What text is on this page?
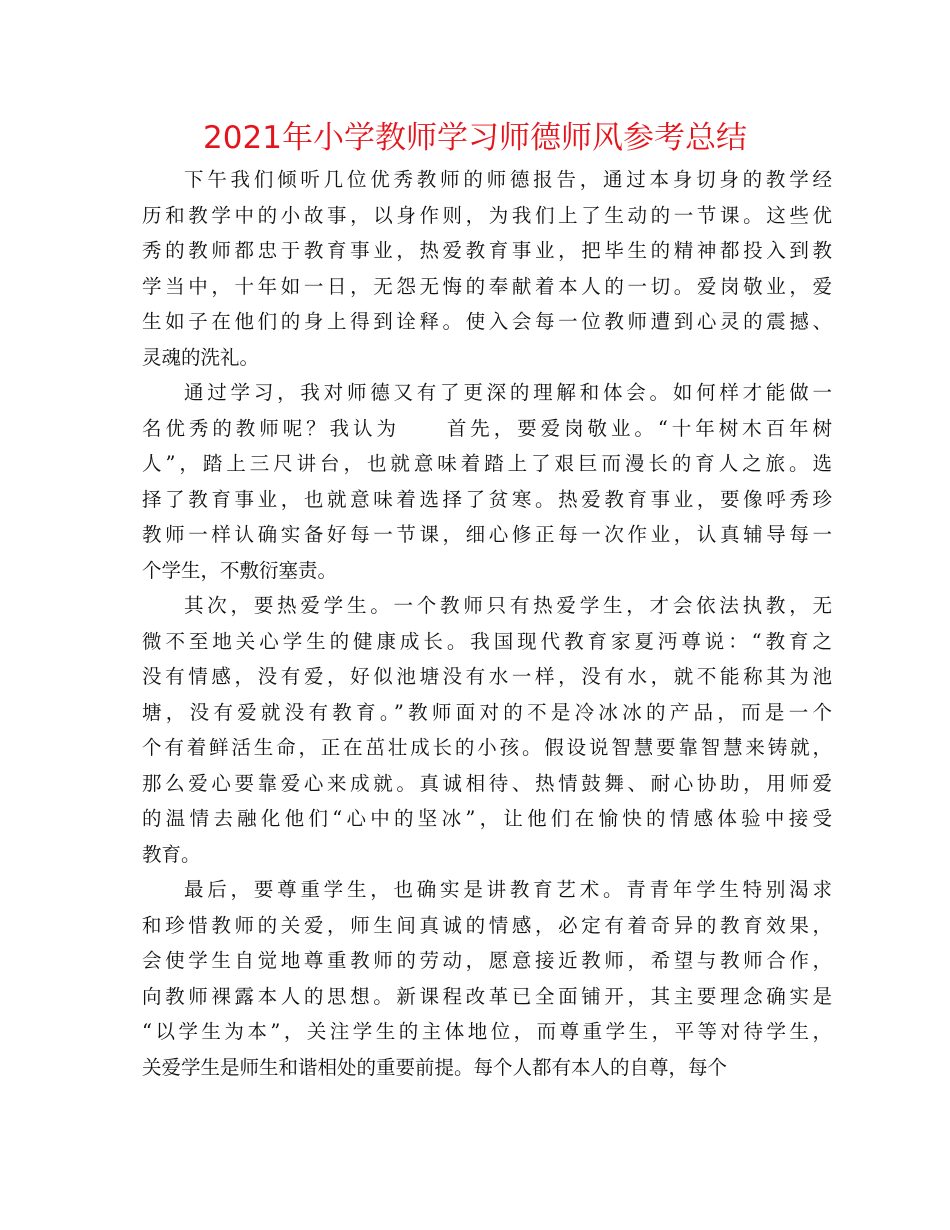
2021年小学教师学习师德师风参考总结
下午我们倾听几位优秀教师的师德报告，通过本身切身的教学经
历和教学中的小故事，以身作则，为我们上了生动的一节课。这些优
秀的教师都忠于教育事业，热爱教育事业，把毕生的精神都投入到教
学当中，十年如一日，无怨无悔的奉献着本人的一切。爱岗敬业，爱
生如子在他们的身上得到诠释。使入会每一位教师遭到心灵的震撼、
灵魂的洗礼。
通过学习，我对师德又有了更深的理解和体会。如何样才能做一
名优秀的教师呢？我认为　　首先，要爱岗敬业。“十年树木百年树
人”，踏上三尺讲台，也就意味着踏上了艰巨而漫长的育人之旅。选
择了教育事业，也就意味着选择了贫寒。热爱教育事业，要像呼秀珍
教师一样认确实备好每一节课，细心修正每一次作业，认真辅导每一
个学生，不敷衍塞责。
其次，要热爱学生。一个教师只有热爱学生，才会依法执教，无
微不至地关心学生的健康成长。我国现代教育家夏沔尊说：“教育之
没有情感，没有爱，好似池塘没有水一样，没有水，就不能称其为池
塘，没有爱就没有教育。”教师面对的不是冷冰冰的产品，而是一个
个有着鲜活生命，正在茁壮成长的小孩。假设说智慧要靠智慧来铸就，
那么爱心要靠爱心来成就。真诚相待、热情鼓舞、耐心协助，用师爱
的温情去融化他们“心中的坚冰”，让他们在愉快的情感体验中接受
教育。
最后，要尊重学生，也确实是讲教育艺术。青青年学生特别渴求
和珍惜教师的关爱，师生间真诚的情感，必定有着奇异的教育效果，
会使学生自觉地尊重教师的劳动，愿意接近教师，希望与教师合作，
向教师裸露本人的思想。新课程改革已全面铺开，其主要理念确实是
“以学生为本”，关注学生的主体地位，而尊重学生，平等对待学生，
关爱学生是师生和谐相处的重要前提。每个人都有本人的自尊，每个
